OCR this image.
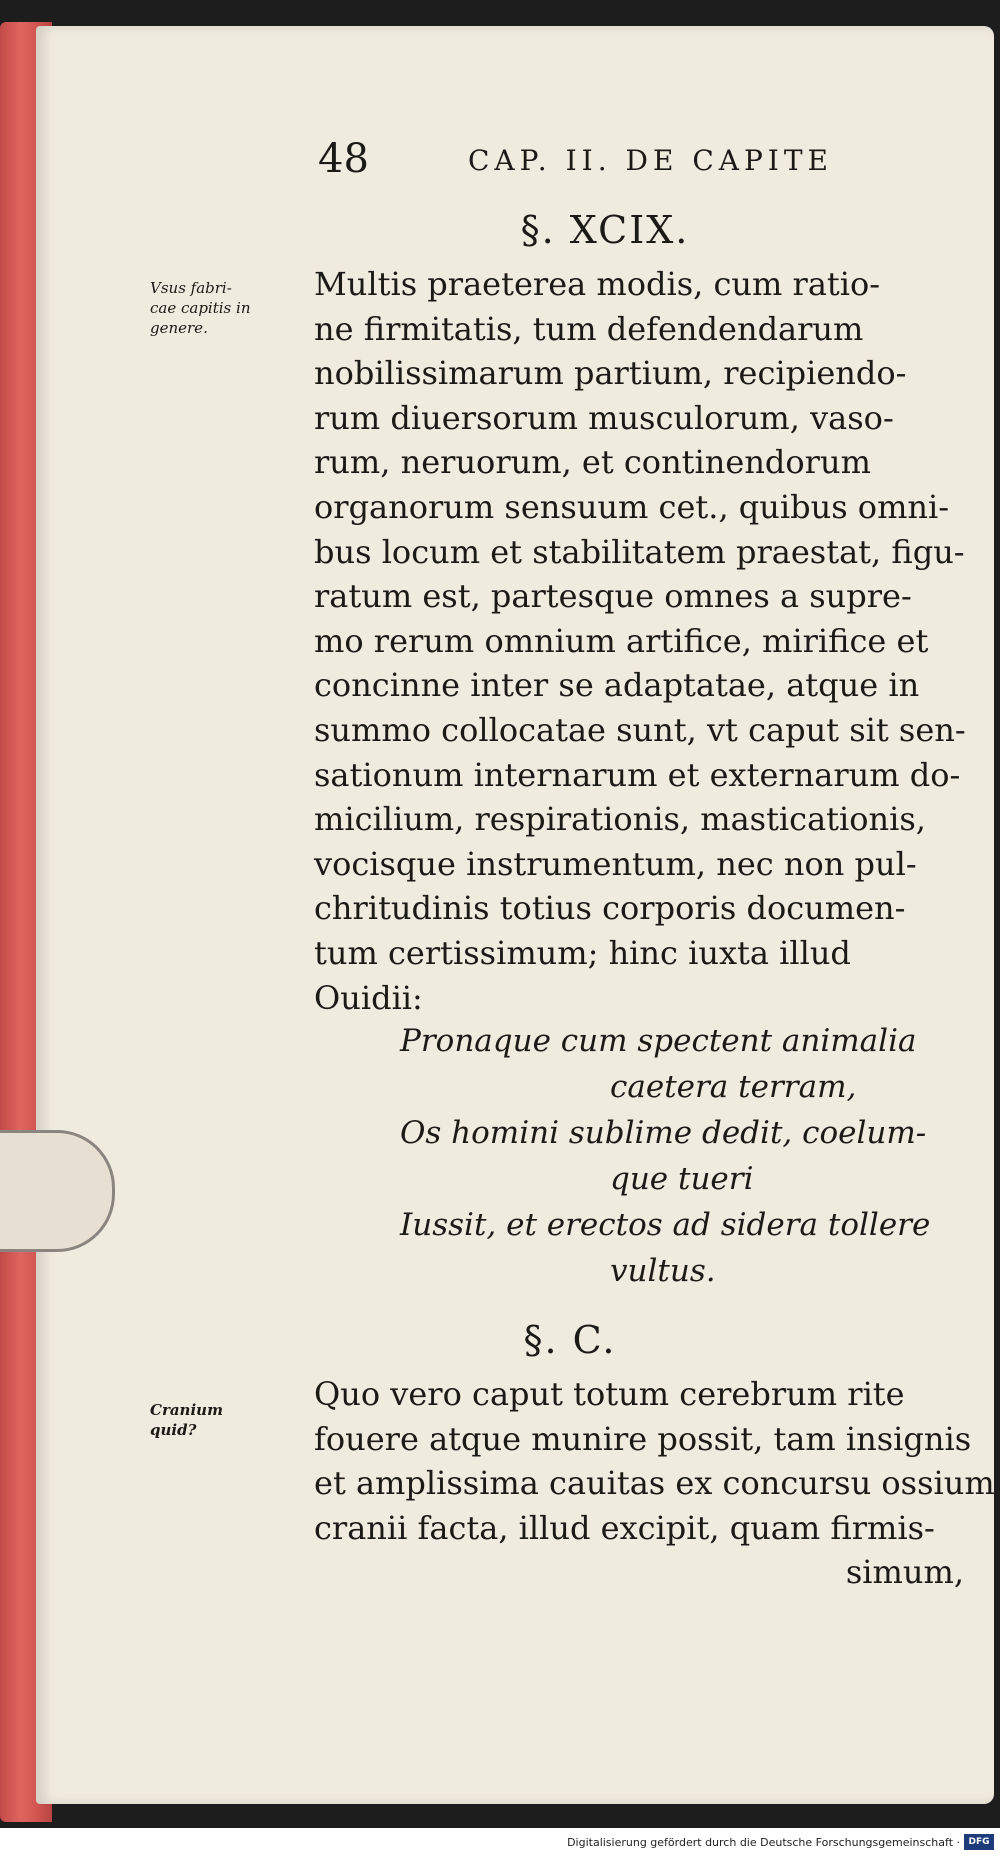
48	CAP. II. DE CAPITE
§. XCIX.
Vsus fabri-
cae capitis in
genere.
Multis praeterea modis, cum ratio-
ne firmitatis, tum defendendarum
nobilissimarum partium, recipiendo-
rum diuersorum musculorum, vaso-
rum, neruorum, et continendorum
organorum sensuum cet., quibus omni-
bus locum et stabilitatem praestat, figu-
ratum est, partesque omnes a supre-
mo rerum omnium artifice, mirifice et
concinne inter se adaptatae, atque in
summo collocatae sunt, vt caput sit sen-
sationum internarum et externarum do-
micilium, respirationis, masticationis,
vocisque instrumentum, nec non pul-
chritudinis totius corporis documen-
tum certissimum; hinc iuxta illud
Ouidii:
Pronaque cum spectent animalia
caetera terram,
Os homini sublime dedit, coelum-
que tueri
Iussit, et erectos ad sidera tollere
vultus.
§. C.
Cranium
quid?
Quo vero caput totum cerebrum rite
fouere atque munire possit, tam insignis
et amplissima cauitas ex concursu ossium
cranii facta, illud excipit, quam firmis-
simum,
Digitalisierung gefördert durch die Deutsche Forschungsgemeinschaft · DFG
